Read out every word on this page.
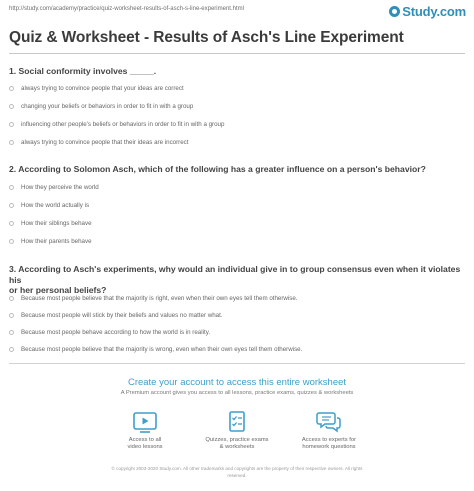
http://study.com/academy/practice/quiz-worksheet-results-of-asch-s-line-experiment.html	Study.com
Quiz & Worksheet - Results of Asch's Line Experiment
1. Social conformity involves _____.
always trying to convince people that your ideas are correct
changing your beliefs or behaviors in order to fit in with a group
influencing other people's beliefs or behaviors in order to fit in with a group
always trying to convince people that their ideas are incorrect
2. According to Solomon Asch, which of the following has a greater influence on a person's behavior?
How they perceive the world
How the world actually is
How their siblings behave
How their parents behave
3. According to Asch's experiments, why would an individual give in to group consensus even when it violates his
or her personal beliefs?
Because most people believe that the majority is right, even when their own eyes tell them otherwise.
Because most people will stick by their beliefs and values no matter what.
Because most people behave according to how the world is in reality.
Because most people believe that the majority is wrong, even when their own eyes tell them otherwise.
Create your account to access this entire worksheet
A Premium account gives you access to all lessons, practice exams, quizzes & worksheets
Access to all
video lessons
Quizzes, practice exams
& worksheets
Access to experts for
homework questions
© copyright 2003-2020 Study.com. All other trademarks and copyrights are the property of their respective owners. All rights
reserved.
